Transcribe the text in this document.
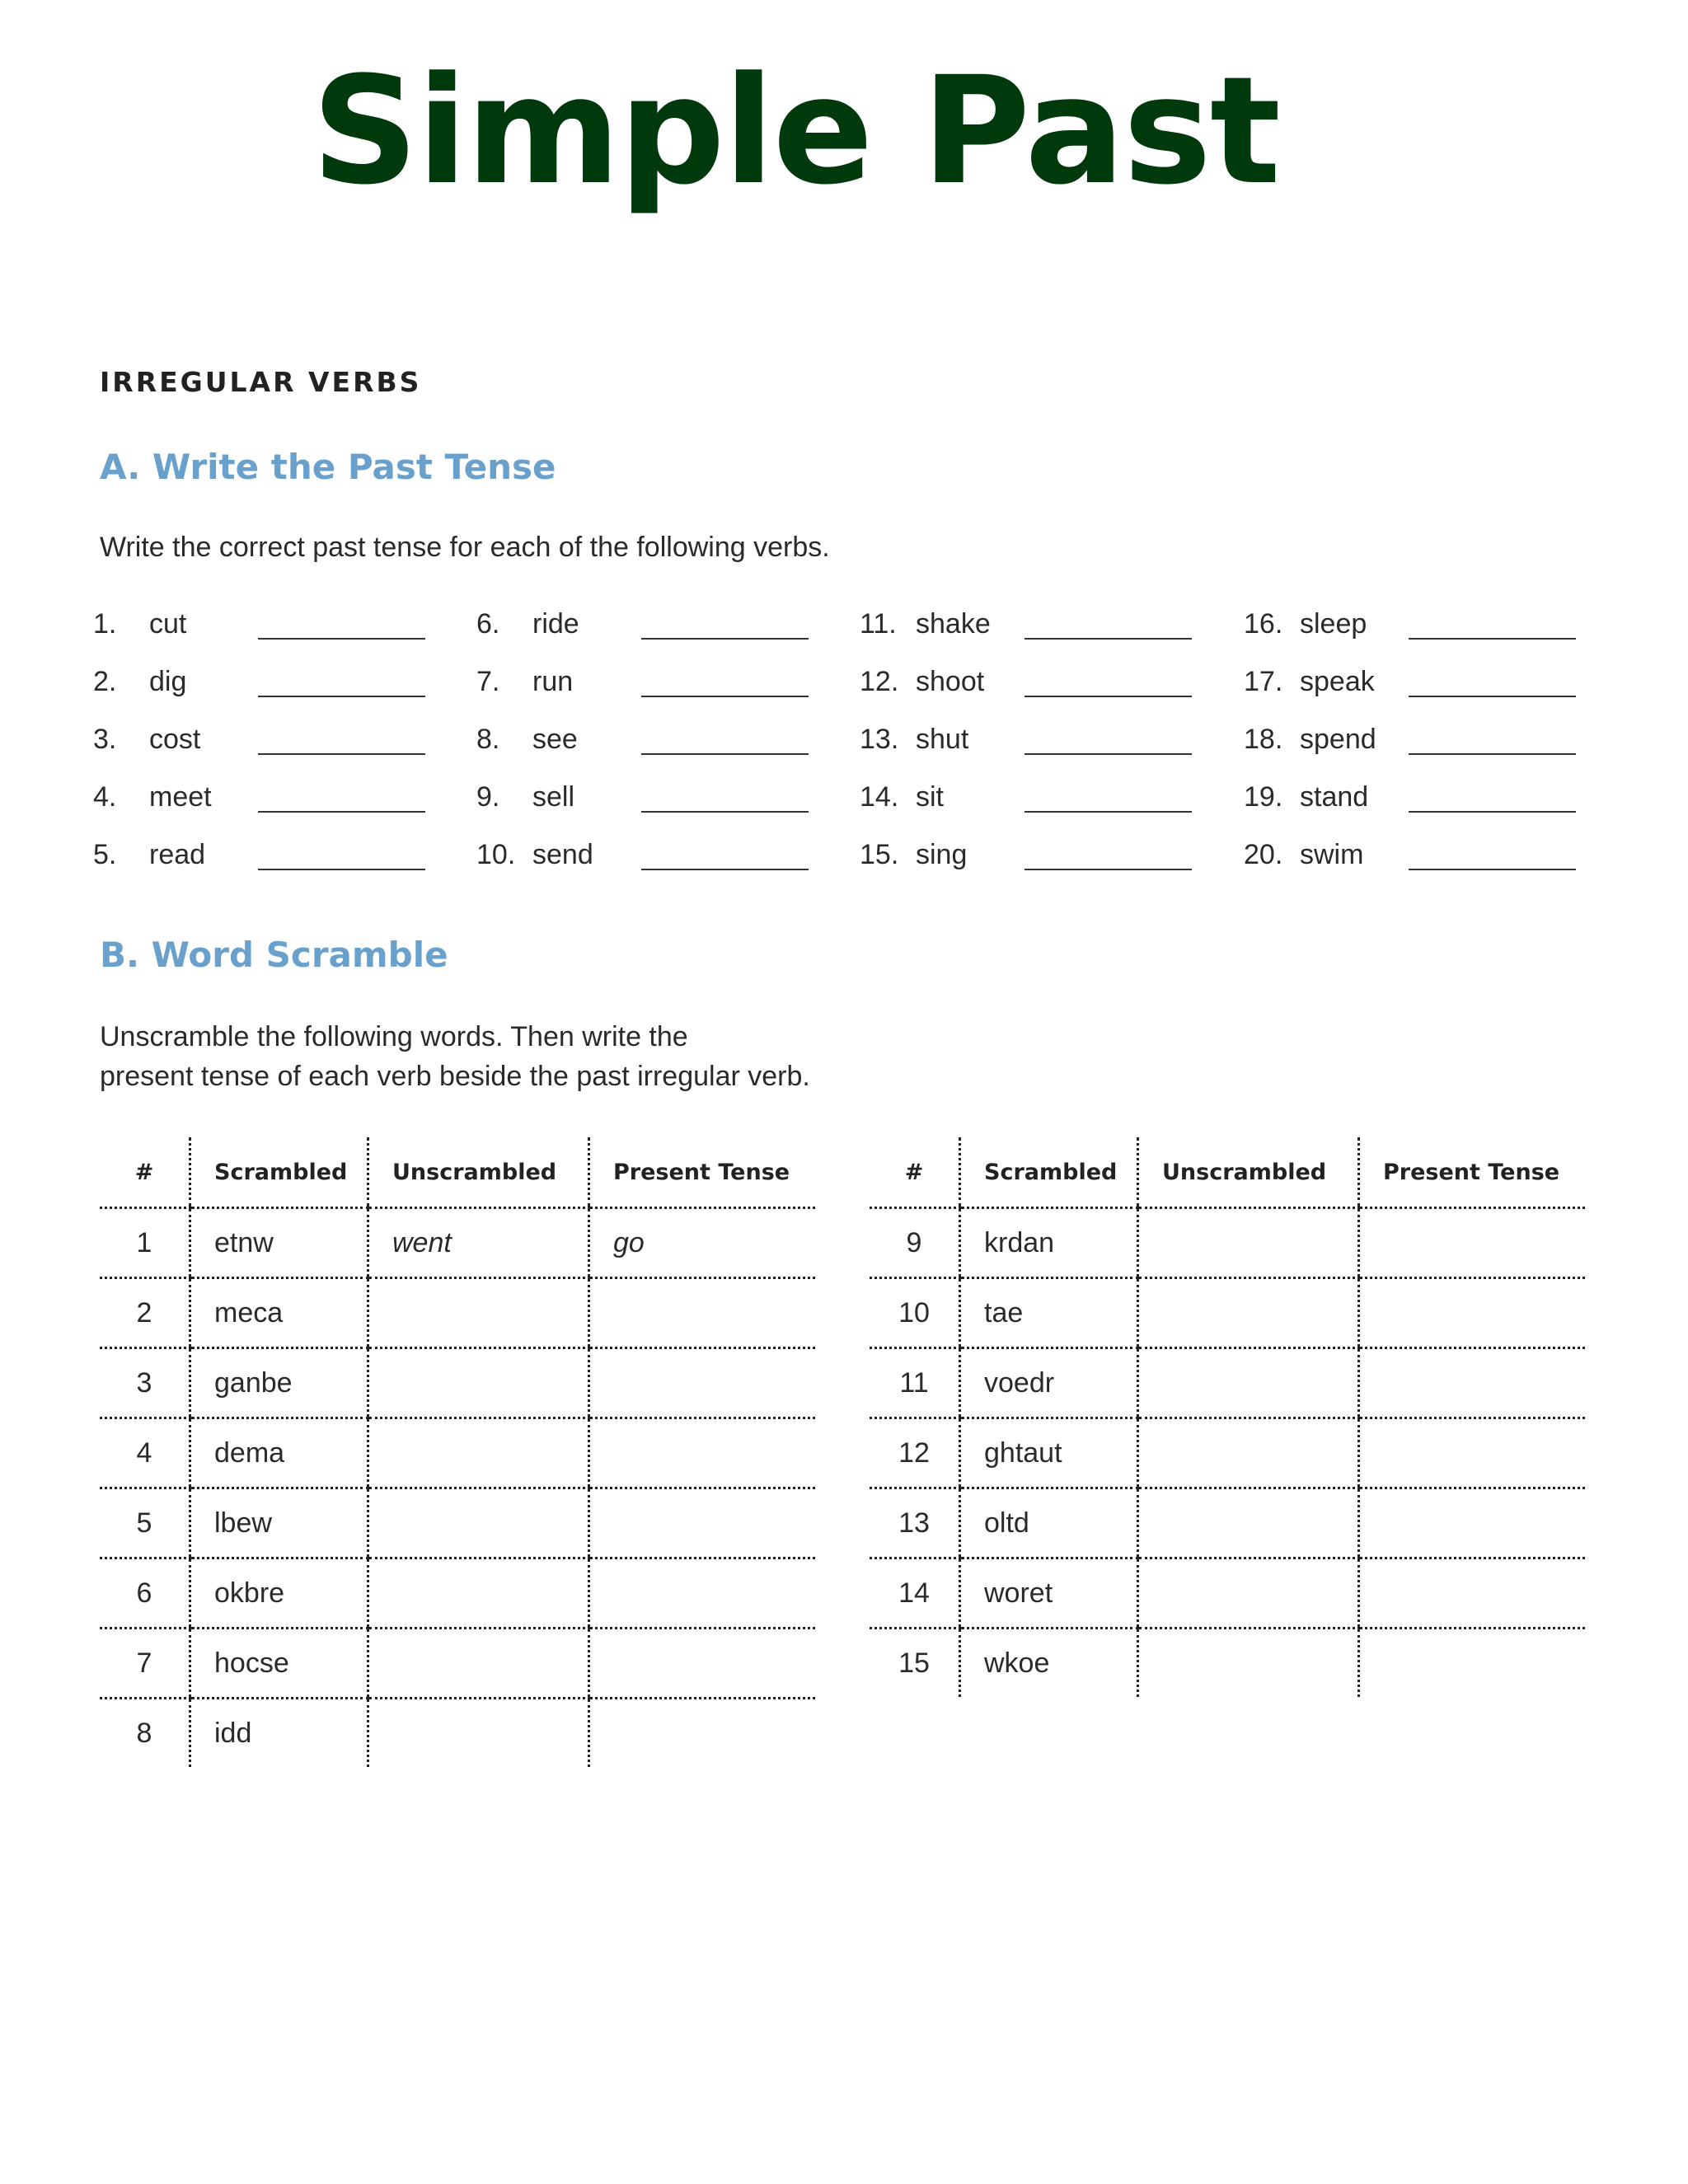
Simple Past
IRREGULAR VERBS
A. Write the Past Tense

Write the correct past tense for each of the following verbs.

1. cut
2. dig
3. cost
4. meet
5. read
6. ride
7. run
8. see
9. sell
10. send
11. shake
12. shoot
13. shut
14. sit
15. sing
16. sleep
17. speak
18. spend
19. stand
20. swim
B. Word Scramble

Unscramble the following words. Then write the
present tense of each verb beside the past irregular verb.

#	Scrambled	Unscrambled	Present Tense
1	etnw	went	go
2	meca		
3	ganbe		
4	dema		
5	lbew		
6	okbre		
7	hocse		
8	idd		
#	Scrambled	Unscrambled	Present Tense
9	krdan		
10	tae		
11	voedr		
12	ghtaut		
13	oltd		
14	woret		
15	wkoe		
